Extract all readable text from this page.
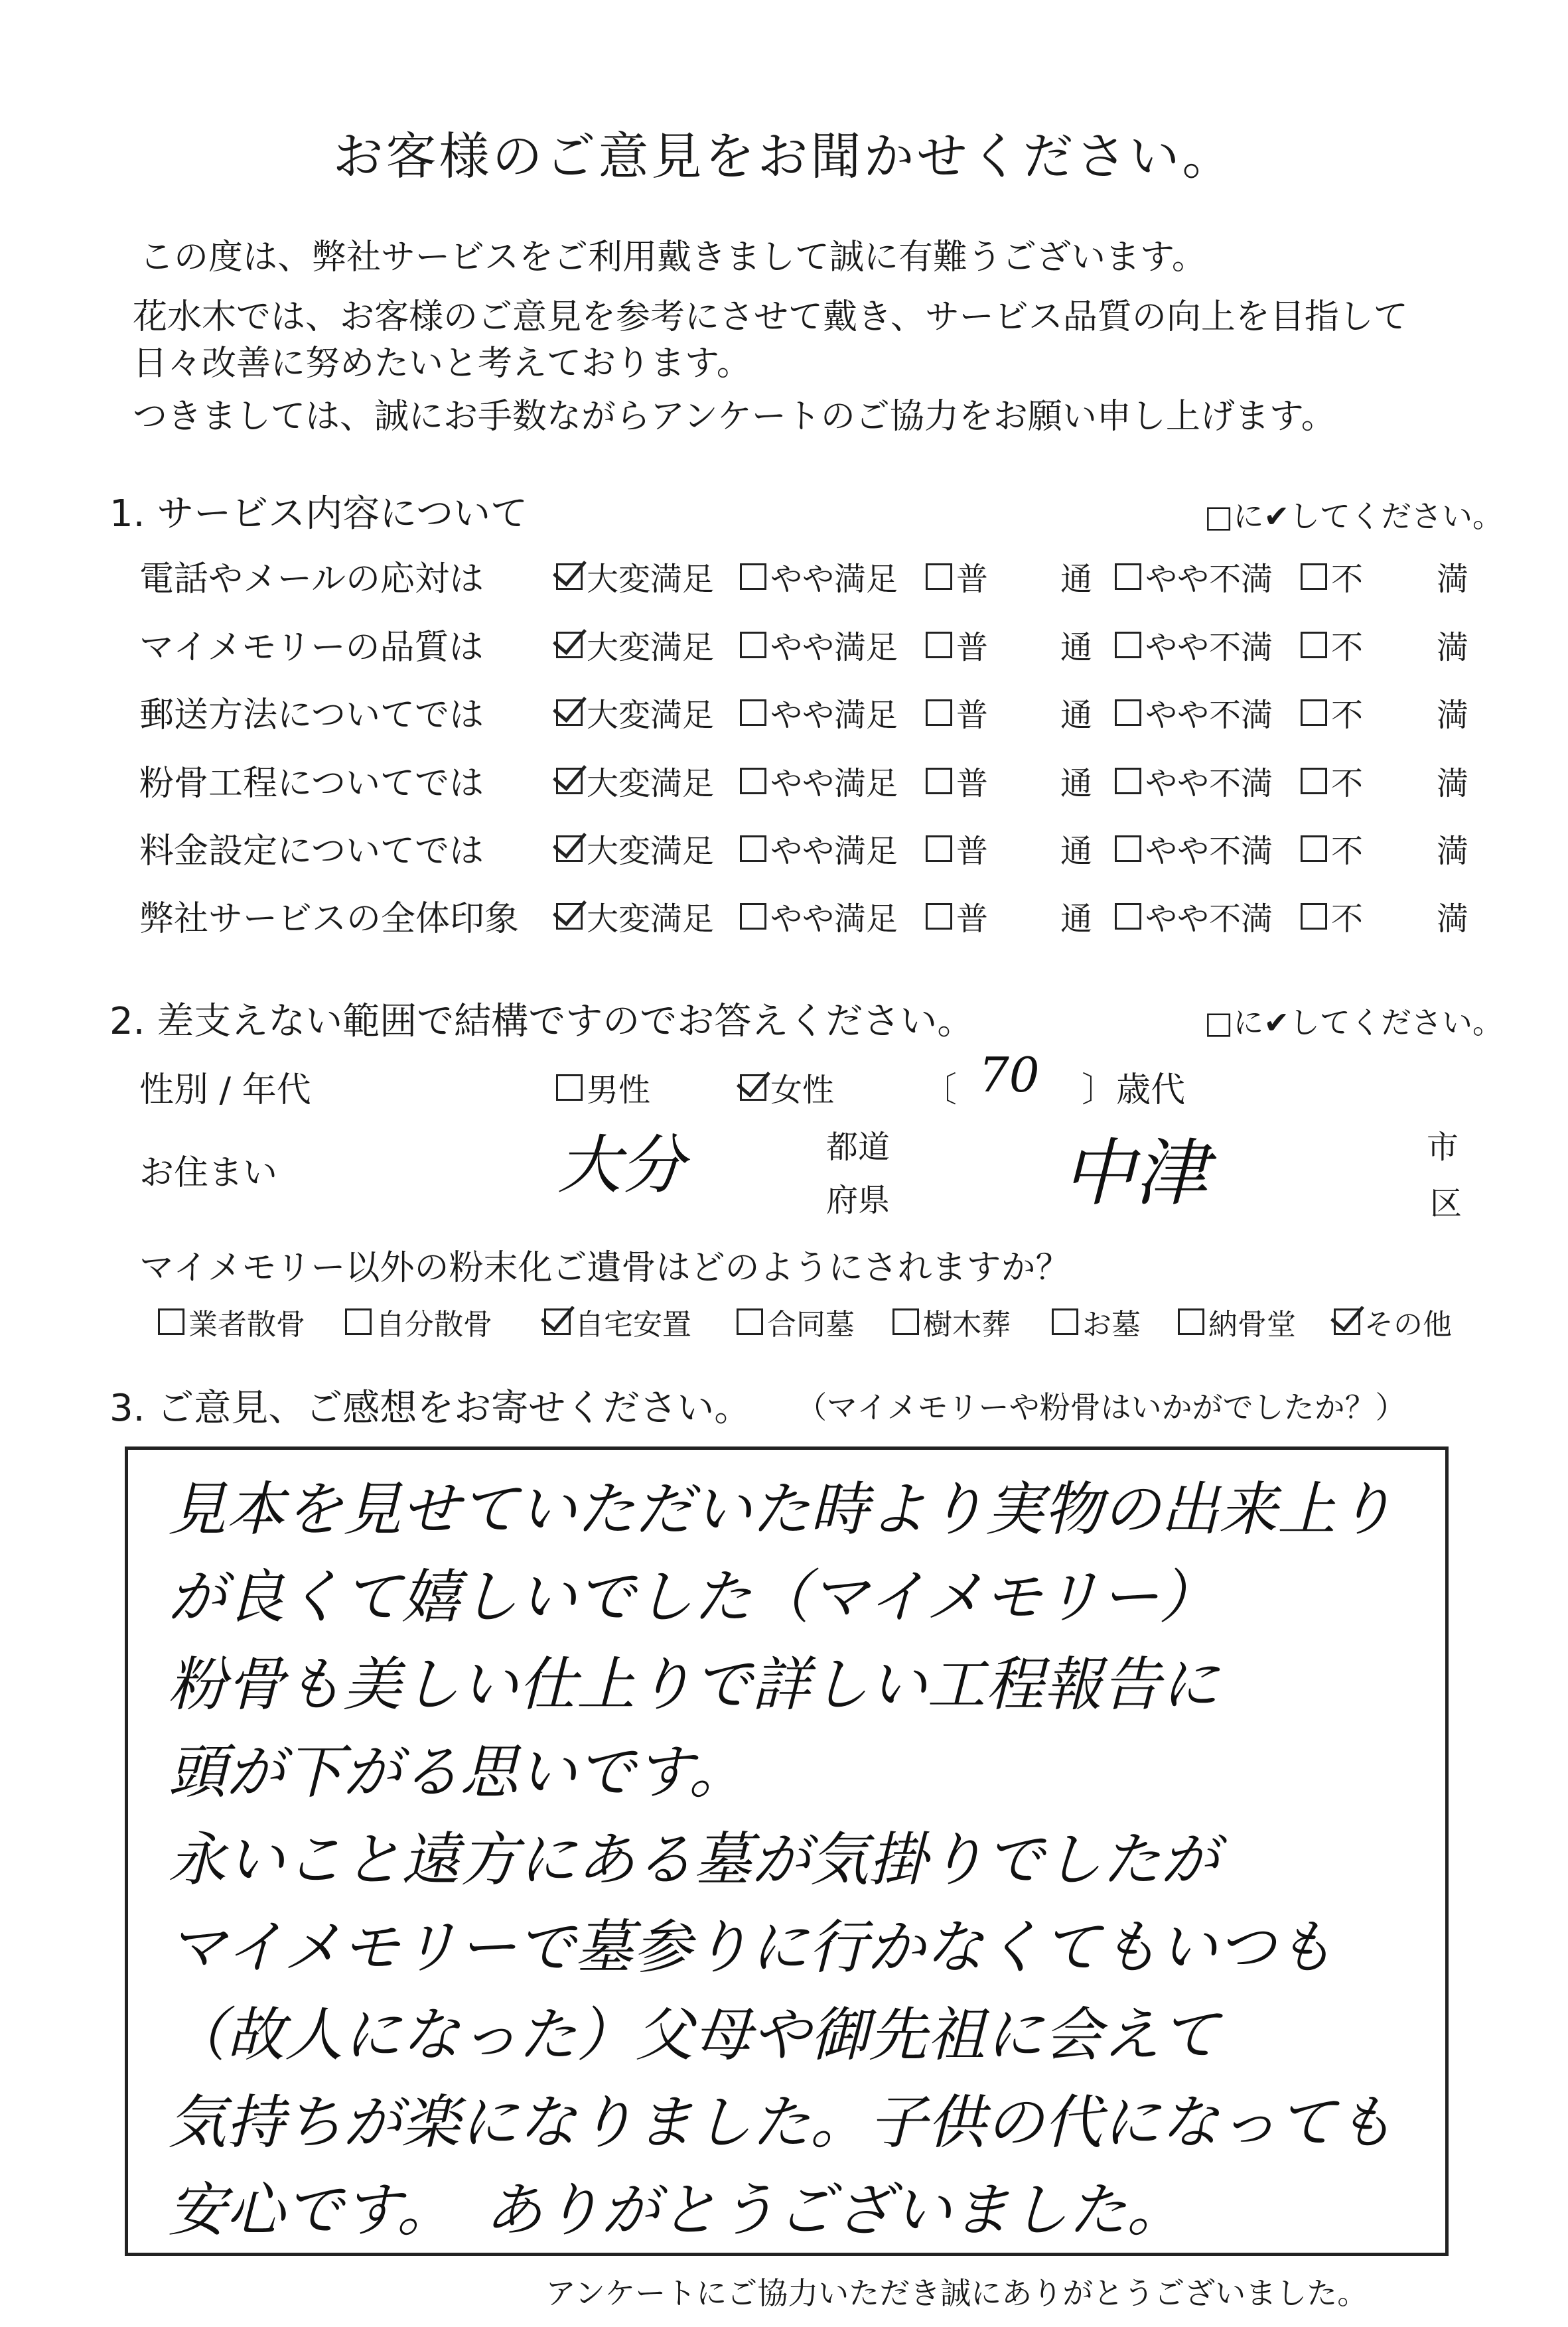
お客様のご意見をお聞かせください。
この度は、弊社サービスをご利用戴きまして誠に有難うございます。
花水木では、お客様のご意見を参考にさせて戴き、サービス品質の向上を目指して
日々改善に努めたいと考えております。
つきましては、誠にお手数ながらアンケートのご協力をお願い申し上げます。
1. サービス内容について	□に✔してください。
電話やメールの応対は	大変満足 やや満足 普 通 やや不満 不 満
マイメモリーの品質は	大変満足 やや満足 普 通 やや不満 不 満
郵送方法についてでは	大変満足 やや満足 普 通 やや不満 不 満
粉骨工程についてでは	大変満足 やや満足 普 通 やや不満 不 満
料金設定についてでは	大変満足 やや満足 普 通 やや不満 不 満
弊社サービスの全体印象 大変満足 やや満足 普 通 やや不満 不 満
2. 差支えない範囲で結構ですのでお答えください。	□に✔してください。
性別 / 年代	男性	女性	〔 70 〕歳代
お住まい	大分	都道
府県 中津	市
区
マイメモリー以外の粉末化ご遺骨はどのようにされますか？
業者散骨 自分散骨	自宅安置	合同墓 樹木葬 お墓 納骨堂 その他
3. ご意見、ご感想をお寄せください。 （マイメモリーや粉骨はいかがでしたか？）
見本を見せていただいた時より実物の出来上り
が良くて嬉しいでした（マイメモリー）
粉骨も美しい仕上りで詳しい工程報告に
頭が下がる思いです。
永いこと遠方にある墓が気掛りでしたが
マイメモリーで墓参りに行かなくてもいつも
（故人になった）父母や御先祖に会えて
気持ちが楽になりました。子供の代になっても
安心です。　ありがとうございました。
アンケートにご協力いただき誠にありがとうございました。
